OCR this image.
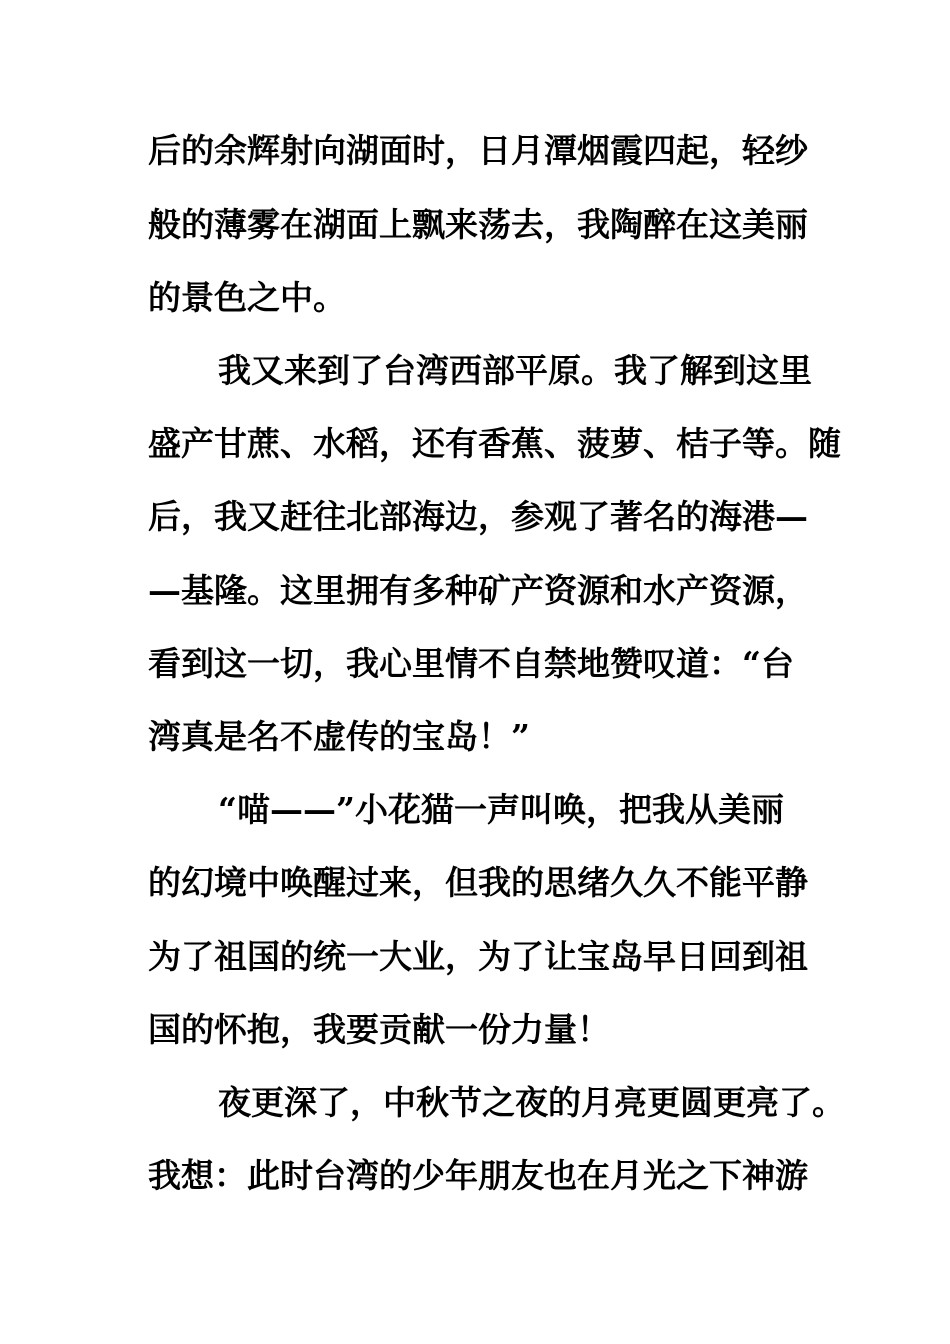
后的余辉射向湖面时，日月潭烟霞四起，轻纱
般的薄雾在湖面上飘来荡去，我陶醉在这美丽
的景色之中。
我又来到了台湾西部平原。我了解到这里
盛产甘蔗、水稻，还有香蕉、菠萝、桔子等。随
后，我又赶往北部海边，参观了著名的海港—
—基隆。这里拥有多种矿产资源和水产资源，
看到这一切，我心里情不自禁地赞叹道：“台
湾真是名不虚传的宝岛！”
“喵——”小花猫一声叫唤，把我从美丽
的幻境中唤醒过来，但我的思绪久久不能平静
为了祖国的统一大业，为了让宝岛早日回到祖
国的怀抱，我要贡献一份力量！
夜更深了，中秋节之夜的月亮更圆更亮了。
我想：此时台湾的少年朋友也在月光之下神游
